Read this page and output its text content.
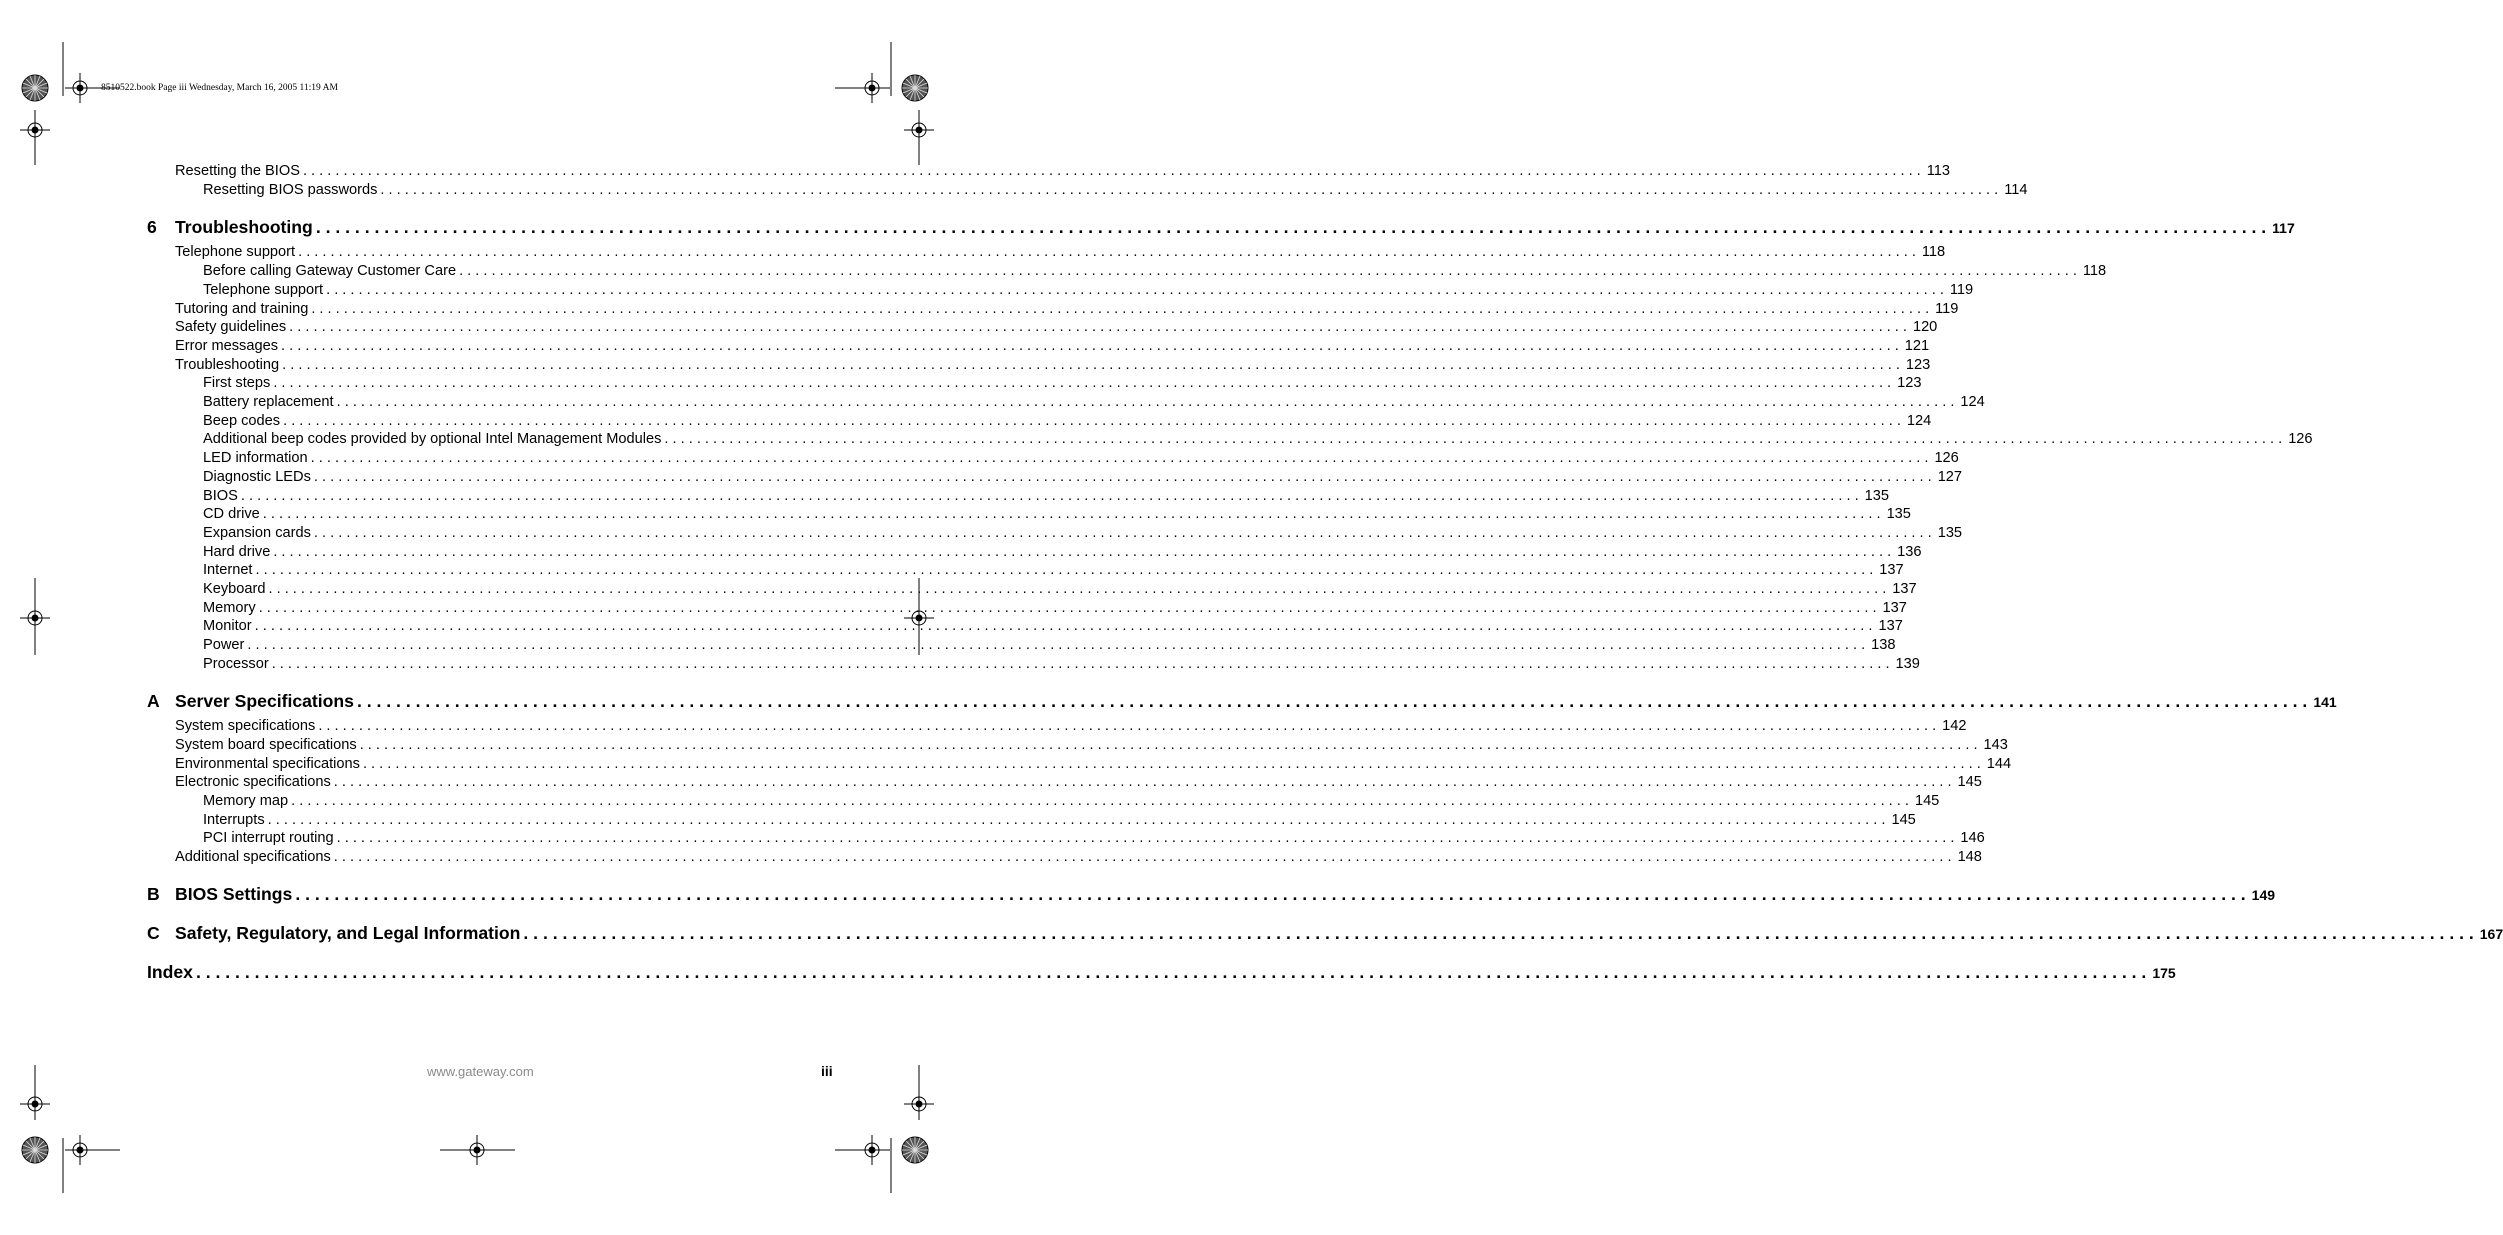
8510522.book Page iii Wednesday, March 16, 2005 11:19 AM
Resetting the BIOS . . . . . . . . . . . . . . . . . . . . . . . . . . . . . . . . . . . . . . . . . . . . . . . . . . . . . . . . . . . . . . . . . . . . . . . . . . . . . . . . . . . . . . . . . . . . . . . . . . . . . . . . . . . . . . . . . . . . . . . . . . . . . . . . . . . . . . . . . . . . . . . . . . . . . . . . . . . . . . . . . . . . . . . . . . . . . . . . . . . . . . . . . . . . . . . . . . . . . . . . 113
Resetting BIOS passwords . . . . . . . . . . . . . . . . . . . . . . . . . . . . . . . . . . . . . . . . . . . . . . . . . . . . . . . . . . . . . . . . . . . . . . . . . . . . . . . . . . . . . . . . . . . . . . . . . . . . . . . . . . . . . . . . . . . . . . . . . . . . . . . . . . . . . . . . . . . . . . . . . . . . . . . . . . . . . . . . . . . . . . . . . . . . . . . . . . . . . . . . . . . . . . . . . . . . . . . . 114
6 Troubleshooting . . . . . . . . . . . . . . . . . . . . . . . . . . . . . . . . . . . . . . . . . . . . . . . . . . . . . . . . . . . . . . . . . . . . . . . . . . . . . . . . . . . . . . . . . . . . . . . . . . . . . . . . . . . . . . . . . . . . . . . . . . . . . . . . . . . . . . . . . . . . . . . . . . . . . . . . . . . . . . . . . . . . . . . . . . . . . . . . . . . . . . . . . . . . . . . . . . . . . . . . 117
Telephone support . . . . . . . . . . . . . . . . . . . . . . . . . . . . . . . . . . . . . . . . . . . . . . . . . . . . . . . . . . . . . . . . . . . . . . . . . . . . . . . . . . . . . . . . . . . . . . . . . . . . . . . . . . . . . . . . . . . . . . . . . . . . . . . . . . . . . . . . . . . . . . . . . . . . . . . . . . . . . . . . . . . . . . . . . . . . . . . . . . . . . . . . . . . . . . . . . . . . . . . . 118
Before calling Gateway Customer Care . . . . . . . . . . . . . . . . . . . . . . . . . . . . . . . . . . . . . . . . . . . . . . . . . . . . . . . . . . . . . . . . . . . . . . . . . . . . . . . . . . . . . . . . . . . . . . . . . . . . . . . . . . . . . . . . . . . . . . . . . . . . . . . . . . . . . . . . . . . . . . . . . . . . . . . . . . . . . . . . . . . . . . . . . . . . . . . . . . . . . . . . . . . . . . . . . . . . . . . . 118
Telephone support . . . . . . . . . . . . . . . . . . . . . . . . . . . . . . . . . . . . . . . . . . . . . . . . . . . . . . . . . . . . . . . . . . . . . . . . . . . . . . . . . . . . . . . . . . . . . . . . . . . . . . . . . . . . . . . . . . . . . . . . . . . . . . . . . . . . . . . . . . . . . . . . . . . . . . . . . . . . . . . . . . . . . . . . . . . . . . . . . . . . . . . . . . . . . . . . . . . . . . . . 119
Tutoring and training . . . . . . . . . . . . . . . . . . . . . . . . . . . . . . . . . . . . . . . . . . . . . . . . . . . . . . . . . . . . . . . . . . . . . . . . . . . . . . . . . . . . . . . . . . . . . . . . . . . . . . . . . . . . . . . . . . . . . . . . . . . . . . . . . . . . . . . . . . . . . . . . . . . . . . . . . . . . . . . . . . . . . . . . . . . . . . . . . . . . . . . . . . . . . . . . . . . . . . . . 119
Safety guidelines . . . . . . . . . . . . . . . . . . . . . . . . . . . . . . . . . . . . . . . . . . . . . . . . . . . . . . . . . . . . . . . . . . . . . . . . . . . . . . . . . . . . . . . . . . . . . . . . . . . . . . . . . . . . . . . . . . . . . . . . . . . . . . . . . . . . . . . . . . . . . . . . . . . . . . . . . . . . . . . . . . . . . . . . . . . . . . . . . . . . . . . . . . . . . . . . . . . . . . . . 120
Error messages . . . . . . . . . . . . . . . . . . . . . . . . . . . . . . . . . . . . . . . . . . . . . . . . . . . . . . . . . . . . . . . . . . . . . . . . . . . . . . . . . . . . . . . . . . . . . . . . . . . . . . . . . . . . . . . . . . . . . . . . . . . . . . . . . . . . . . . . . . . . . . . . . . . . . . . . . . . . . . . . . . . . . . . . . . . . . . . . . . . . . . . . . . . . . . . . . . . . . . . . 121
Troubleshooting . . . . . . . . . . . . . . . . . . . . . . . . . . . . . . . . . . . . . . . . . . . . . . . . . . . . . . . . . . . . . . . . . . . . . . . . . . . . . . . . . . . . . . . . . . . . . . . . . . . . . . . . . . . . . . . . . . . . . . . . . . . . . . . . . . . . . . . . . . . . . . . . . . . . . . . . . . . . . . . . . . . . . . . . . . . . . . . . . . . . . . . . . . . . . . . . . . . . . . . . 123
First steps . . . . . . . . . . . . . . . . . . . . . . . . . . . . . . . . . . . . . . . . . . . . . . . . . . . . . . . . . . . . . . . . . . . . . . . . . . . . . . . . . . . . . . . . . . . . . . . . . . . . . . . . . . . . . . . . . . . . . . . . . . . . . . . . . . . . . . . . . . . . . . . . . . . . . . . . . . . . . . . . . . . . . . . . . . . . . . . . . . . . . . . . . . . . . . . . . . . . . . . . 123
Battery replacement . . . . . . . . . . . . . . . . . . . . . . . . . . . . . . . . . . . . . . . . . . . . . . . . . . . . . . . . . . . . . . . . . . . . . . . . . . . . . . . . . . . . . . . . . . . . . . . . . . . . . . . . . . . . . . . . . . . . . . . . . . . . . . . . . . . . . . . . . . . . . . . . . . . . . . . . . . . . . . . . . . . . . . . . . . . . . . . . . . . . . . . . . . . . . . . . . . . . . . . . 124
Beep codes . . . . . . . . . . . . . . . . . . . . . . . . . . . . . . . . . . . . . . . . . . . . . . . . . . . . . . . . . . . . . . . . . . . . . . . . . . . . . . . . . . . . . . . . . . . . . . . . . . . . . . . . . . . . . . . . . . . . . . . . . . . . . . . . . . . . . . . . . . . . . . . . . . . . . . . . . . . . . . . . . . . . . . . . . . . . . . . . . . . . . . . . . . . . . . . . . . . . . . . . 124
Additional beep codes provided by optional Intel Management Modules . . . . . . . . . . . . . . . . . . . . . . . . . . . . . . . . . . . . . . . . . . . . . . . . . . . . . . . . . . . . . . . . . . . . . . . . . . . . . . . . . . . . . . . . . . . . . . . . . . . . . . . . . . . . . . . . . . . . . . . . . . . . . . . . . . . . . . . . . . . . . . . . . . . . . . . . . . . . . . . . . . . . . . . . . . . . . . . . . . . . . . . . . . . . . . . . . . . . . . . . 126
LED information . . . . . . . . . . . . . . . . . . . . . . . . . . . . . . . . . . . . . . . . . . . . . . . . . . . . . . . . . . . . . . . . . . . . . . . . . . . . . . . . . . . . . . . . . . . . . . . . . . . . . . . . . . . . . . . . . . . . . . . . . . . . . . . . . . . . . . . . . . . . . . . . . . . . . . . . . . . . . . . . . . . . . . . . . . . . . . . . . . . . . . . . . . . . . . . . . . . . . . . . 126
Diagnostic LEDs . . . . . . . . . . . . . . . . . . . . . . . . . . . . . . . . . . . . . . . . . . . . . . . . . . . . . . . . . . . . . . . . . . . . . . . . . . . . . . . . . . . . . . . . . . . . . . . . . . . . . . . . . . . . . . . . . . . . . . . . . . . . . . . . . . . . . . . . . . . . . . . . . . . . . . . . . . . . . . . . . . . . . . . . . . . . . . . . . . . . . . . . . . . . . . . . . . . . . . . . 127
BIOS . . . . . . . . . . . . . . . . . . . . . . . . . . . . . . . . . . . . . . . . . . . . . . . . . . . . . . . . . . . . . . . . . . . . . . . . . . . . . . . . . . . . . . . . . . . . . . . . . . . . . . . . . . . . . . . . . . . . . . . . . . . . . . . . . . . . . . . . . . . . . . . . . . . . . . . . . . . . . . . . . . . . . . . . . . . . . . . . . . . . . . . . . . . . . . . . . . . . . . . . 135
CD drive . . . . . . . . . . . . . . . . . . . . . . . . . . . . . . . . . . . . . . . . . . . . . . . . . . . . . . . . . . . . . . . . . . . . . . . . . . . . . . . . . . . . . . . . . . . . . . . . . . . . . . . . . . . . . . . . . . . . . . . . . . . . . . . . . . . . . . . . . . . . . . . . . . . . . . . . . . . . . . . . . . . . . . . . . . . . . . . . . . . . . . . . . . . . . . . . . . . . . . . . 135
Expansion cards . . . . . . . . . . . . . . . . . . . . . . . . . . . . . . . . . . . . . . . . . . . . . . . . . . . . . . . . . . . . . . . . . . . . . . . . . . . . . . . . . . . . . . . . . . . . . . . . . . . . . . . . . . . . . . . . . . . . . . . . . . . . . . . . . . . . . . . . . . . . . . . . . . . . . . . . . . . . . . . . . . . . . . . . . . . . . . . . . . . . . . . . . . . . . . . . . . . . . . . . 135
Hard drive . . . . . . . . . . . . . . . . . . . . . . . . . . . . . . . . . . . . . . . . . . . . . . . . . . . . . . . . . . . . . . . . . . . . . . . . . . . . . . . . . . . . . . . . . . . . . . . . . . . . . . . . . . . . . . . . . . . . . . . . . . . . . . . . . . . . . . . . . . . . . . . . . . . . . . . . . . . . . . . . . . . . . . . . . . . . . . . . . . . . . . . . . . . . . . . . . . . . . . . . 136
Internet . . . . . . . . . . . . . . . . . . . . . . . . . . . . . . . . . . . . . . . . . . . . . . . . . . . . . . . . . . . . . . . . . . . . . . . . . . . . . . . . . . . . . . . . . . . . . . . . . . . . . . . . . . . . . . . . . . . . . . . . . . . . . . . . . . . . . . . . . . . . . . . . . . . . . . . . . . . . . . . . . . . . . . . . . . . . . . . . . . . . . . . . . . . . . . . . . . . . . . . . 137
Keyboard . . . . . . . . . . . . . . . . . . . . . . . . . . . . . . . . . . . . . . . . . . . . . . . . . . . . . . . . . . . . . . . . . . . . . . . . . . . . . . . . . . . . . . . . . . . . . . . . . . . . . . . . . . . . . . . . . . . . . . . . . . . . . . . . . . . . . . . . . . . . . . . . . . . . . . . . . . . . . . . . . . . . . . . . . . . . . . . . . . . . . . . . . . . . . . . . . . . . . . . . 137
Memory . . . . . . . . . . . . . . . . . . . . . . . . . . . . . . . . . . . . . . . . . . . . . . . . . . . . . . . . . . . . . . . . . . . . . . . . . . . . . . . . . . . . . . . . . . . . . . . . . . . . . . . . . . . . . . . . . . . . . . . . . . . . . . . . . . . . . . . . . . . . . . . . . . . . . . . . . . . . . . . . . . . . . . . . . . . . . . . . . . . . . . . . . . . . . . . . . . . . . . . . 137
Monitor . . . . . . . . . . . . . . . . . . . . . . . . . . . . . . . . . . . . . . . . . . . . . . . . . . . . . . . . . . . . . . . . . . . . . . . . . . . . . . . . . . . . . . . . . . . . . . . . . . . . . . . . . . . . . . . . . . . . . . . . . . . . . . . . . . . . . . . . . . . . . . . . . . . . . . . . . . . . . . . . . . . . . . . . . . . . . . . . . . . . . . . . . . . . . . . . . . . . . . . . 137
Power . . . . . . . . . . . . . . . . . . . . . . . . . . . . . . . . . . . . . . . . . . . . . . . . . . . . . . . . . . . . . . . . . . . . . . . . . . . . . . . . . . . . . . . . . . . . . . . . . . . . . . . . . . . . . . . . . . . . . . . . . . . . . . . . . . . . . . . . . . . . . . . . . . . . . . . . . . . . . . . . . . . . . . . . . . . . . . . . . . . . . . . . . . . . . . . . . . . . . . . . 138
Processor . . . . . . . . . . . . . . . . . . . . . . . . . . . . . . . . . . . . . . . . . . . . . . . . . . . . . . . . . . . . . . . . . . . . . . . . . . . . . . . . . . . . . . . . . . . . . . . . . . . . . . . . . . . . . . . . . . . . . . . . . . . . . . . . . . . . . . . . . . . . . . . . . . . . . . . . . . . . . . . . . . . . . . . . . . . . . . . . . . . . . . . . . . . . . . . . . . . . . . . . 139
A Server Specifications . . . . . . . . . . . . . . . . . . . . . . . . . . . . . . . . . . . . . . . . . . . . . . . . . . . . . . . . . . . . . . . . . . . . . . . . . . . . . . . . . . . . . . . . . . . . . . . . . . . . . . . . . . . . . . . . . . . . . . . . . . . . . . . . . . . . . . . . . . . . . . . . . . . . . . . . . . . . . . . . . . . . . . . . . . . . . . . . . . . . . . . . . . . . . . . . . . . . . . . . 141
System specifications . . . . . . . . . . . . . . . . . . . . . . . . . . . . . . . . . . . . . . . . . . . . . . . . . . . . . . . . . . . . . . . . . . . . . . . . . . . . . . . . . . . . . . . . . . . . . . . . . . . . . . . . . . . . . . . . . . . . . . . . . . . . . . . . . . . . . . . . . . . . . . . . . . . . . . . . . . . . . . . . . . . . . . . . . . . . . . . . . . . . . . . . . . . . . . . . . . . . . . . . 142
System board specifications . . . . . . . . . . . . . . . . . . . . . . . . . . . . . . . . . . . . . . . . . . . . . . . . . . . . . . . . . . . . . . . . . . . . . . . . . . . . . . . . . . . . . . . . . . . . . . . . . . . . . . . . . . . . . . . . . . . . . . . . . . . . . . . . . . . . . . . . . . . . . . . . . . . . . . . . . . . . . . . . . . . . . . . . . . . . . . . . . . . . . . . . . . . . . . . . . . . . . . . . 143
Environmental specifications . . . . . . . . . . . . . . . . . . . . . . . . . . . . . . . . . . . . . . . . . . . . . . . . . . . . . . . . . . . . . . . . . . . . . . . . . . . . . . . . . . . . . . . . . . . . . . . . . . . . . . . . . . . . . . . . . . . . . . . . . . . . . . . . . . . . . . . . . . . . . . . . . . . . . . . . . . . . . . . . . . . . . . . . . . . . . . . . . . . . . . . . . . . . . . . . . . . . . . . . 144
Electronic specifications . . . . . . . . . . . . . . . . . . . . . . . . . . . . . . . . . . . . . . . . . . . . . . . . . . . . . . . . . . . . . . . . . . . . . . . . . . . . . . . . . . . . . . . . . . . . . . . . . . . . . . . . . . . . . . . . . . . . . . . . . . . . . . . . . . . . . . . . . . . . . . . . . . . . . . . . . . . . . . . . . . . . . . . . . . . . . . . . . . . . . . . . . . . . . . . . . . . . . . . . 145
Memory map . . . . . . . . . . . . . . . . . . . . . . . . . . . . . . . . . . . . . . . . . . . . . . . . . . . . . . . . . . . . . . . . . . . . . . . . . . . . . . . . . . . . . . . . . . . . . . . . . . . . . . . . . . . . . . . . . . . . . . . . . . . . . . . . . . . . . . . . . . . . . . . . . . . . . . . . . . . . . . . . . . . . . . . . . . . . . . . . . . . . . . . . . . . . . . . . . . . . . . . . 145
Interrupts . . . . . . . . . . . . . . . . . . . . . . . . . . . . . . . . . . . . . . . . . . . . . . . . . . . . . . . . . . . . . . . . . . . . . . . . . . . . . . . . . . . . . . . . . . . . . . . . . . . . . . . . . . . . . . . . . . . . . . . . . . . . . . . . . . . . . . . . . . . . . . . . . . . . . . . . . . . . . . . . . . . . . . . . . . . . . . . . . . . . . . . . . . . . . . . . . . . . . . . . 145
PCI interrupt routing . . . . . . . . . . . . . . . . . . . . . . . . . . . . . . . . . . . . . . . . . . . . . . . . . . . . . . . . . . . . . . . . . . . . . . . . . . . . . . . . . . . . . . . . . . . . . . . . . . . . . . . . . . . . . . . . . . . . . . . . . . . . . . . . . . . . . . . . . . . . . . . . . . . . . . . . . . . . . . . . . . . . . . . . . . . . . . . . . . . . . . . . . . . . . . . . . . . . . . . . 146
Additional specifications . . . . . . . . . . . . . . . . . . . . . . . . . . . . . . . . . . . . . . . . . . . . . . . . . . . . . . . . . . . . . . . . . . . . . . . . . . . . . . . . . . . . . . . . . . . . . . . . . . . . . . . . . . . . . . . . . . . . . . . . . . . . . . . . . . . . . . . . . . . . . . . . . . . . . . . . . . . . . . . . . . . . . . . . . . . . . . . . . . . . . . . . . . . . . . . . . . . . . . . . 148
B BIOS Settings . . . . . . . . . . . . . . . . . . . . . . . . . . . . . . . . . . . . . . . . . . . . . . . . . . . . . . . . . . . . . . . . . . . . . . . . . . . . . . . . . . . . . . . . . . . . . . . . . . . . . . . . . . . . . . . . . . . . . . . . . . . . . . . . . . . . . . . . . . . . . . . . . . . . . . . . . . . . . . . . . . . . . . . . . . . . . . . . . . . . . . . . . . . . . . . . . . . . . . . . 149
C Safety, Regulatory, and Legal Information . . . . . . . . . . . . . . . . . . . . . . . . . . . . . . . . . . . . . . . . . . . . . . . . . . . . . . . . . . . . . . . . . . . . . . . . . . . . . . . . . . . . . . . . . . . . . . . . . . . . . . . . . . . . . . . . . . . . . . . . . . . . . . . . . . . . . . . . . . . . . . . . . . . . . . . . . . . . . . . . . . . . . . . . . . . . . . . . . . . . . . . . . . . . . . . . . . . . . . . . 167
Index . . . . . . . . . . . . . . . . . . . . . . . . . . . . . . . . . . . . . . . . . . . . . . . . . . . . . . . . . . . . . . . . . . . . . . . . . . . . . . . . . . . . . . . . . . . . . . . . . . . . . . . . . . . . . . . . . . . . . . . . . . . . . . . . . . . . . . . . . . . . . . . . . . . . . . . . . . . . . . . . . . . . . . . . . . . . . . . . . . . . . . . . . . . . . . . . . . . . . . . . 175
www.gateway.com	iii
